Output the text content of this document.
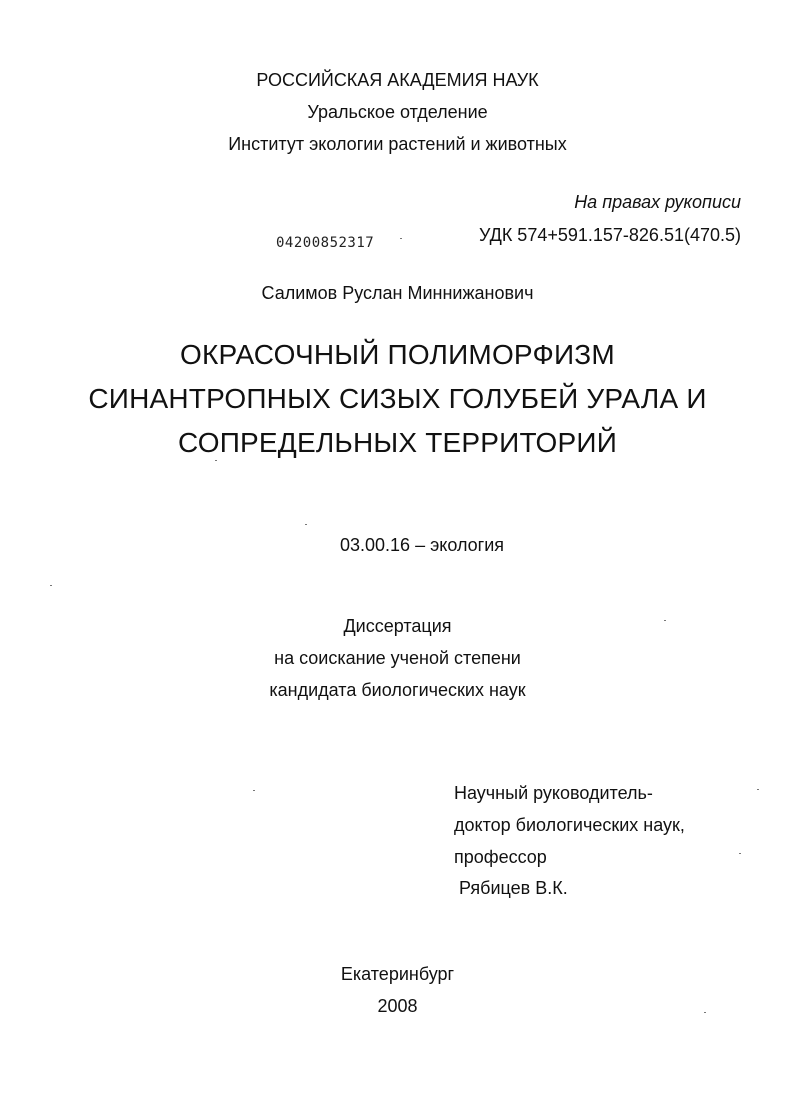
РОССИЙСКАЯ АКАДЕМИЯ НАУК

Уральское отделение

Институт экологии растений и животных

На правах рукописи

04200852317	УДК 574+591.157-826.51(470.5)

Салимов Руслан Миннижанович

ОКРАСОЧНЫЙ ПОЛИМОРФИЗМ

СИНАНТРОПНЫХ СИЗЫХ ГОЛУБЕЙ УРАЛА И

СОПРЕДЕЛЬНЫХ ТЕРРИТОРИЙ

03.00.16 – экология

Диссертация

на соискание ученой степени

кандидата биологических наук

Научный руководитель-

доктор биологических наук,

профессор

Рябицев В.К.

Екатеринбург

2008
